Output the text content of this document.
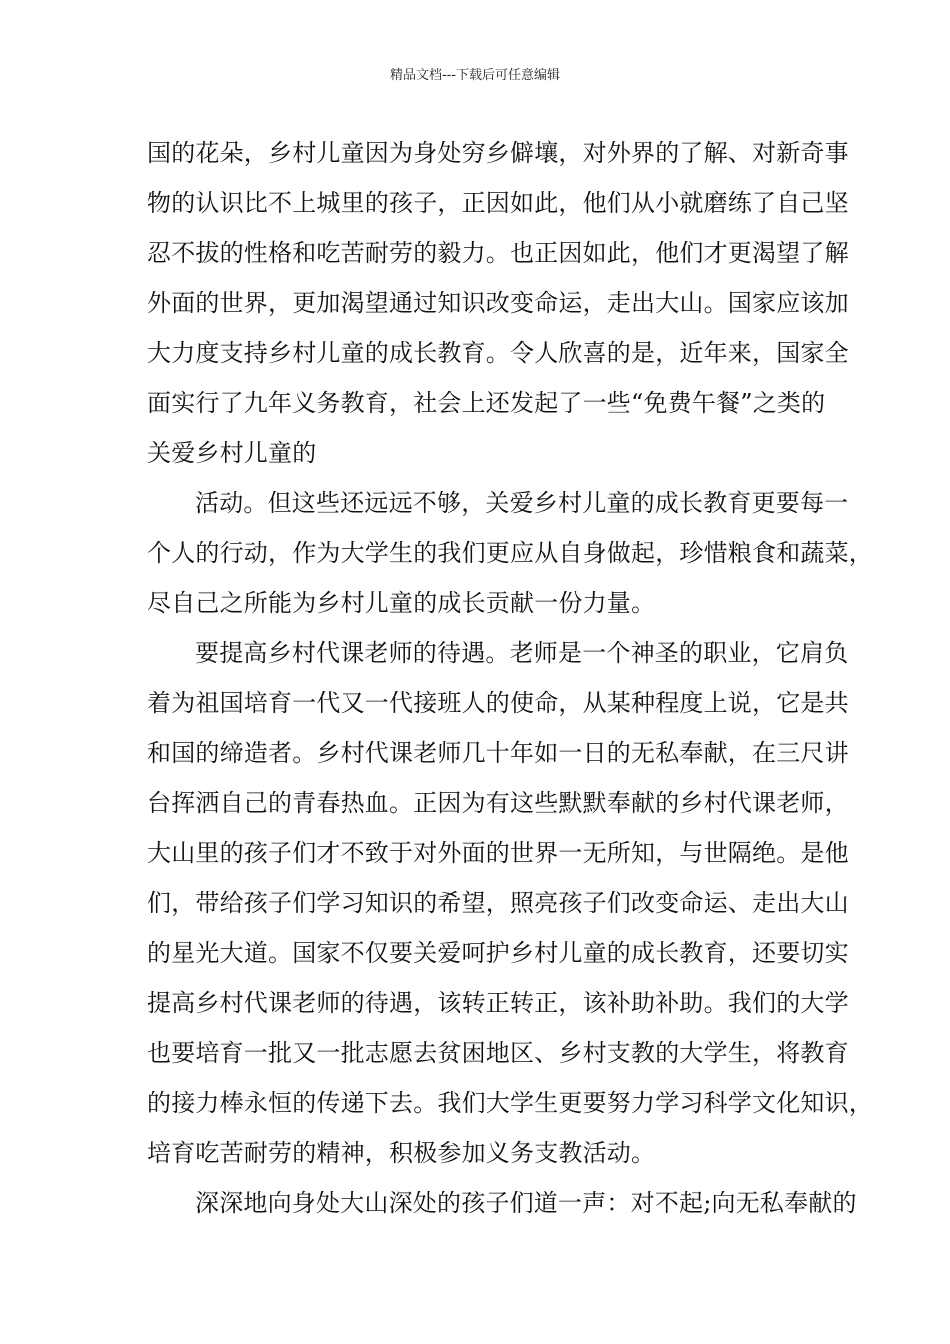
精品文档---下载后可任意编辑
国的花朵，乡村儿童因为身处穷乡僻壤，对外界的了解、对新奇事
物的认识比不上城里的孩子，正因如此，他们从小就磨练了自己坚
忍不拔的性格和吃苦耐劳的毅力。也正因如此，他们才更渴望了解
外面的世界，更加渴望通过知识改变命运，走出大山。国家应该加
大力度支持乡村儿童的成长教育。令人欣喜的是，近年来，国家全
面实行了九年义务教育，社会上还发起了一些“免费午餐”之类的
关爱乡村儿童的
活动。但这些还远远不够，关爱乡村儿童的成长教育更要每一
个人的行动，作为大学生的我们更应从自身做起，珍惜粮食和蔬菜，
尽自己之所能为乡村儿童的成长贡献一份力量。
要提高乡村代课老师的待遇。老师是一个神圣的职业，它肩负
着为祖国培育一代又一代接班人的使命，从某种程度上说，它是共
和国的缔造者。乡村代课老师几十年如一日的无私奉献，在三尺讲
台挥洒自己的青春热血。正因为有这些默默奉献的乡村代课老师，
大山里的孩子们才不致于对外面的世界一无所知，与世隔绝。是他
们，带给孩子们学习知识的希望，照亮孩子们改变命运、走出大山
的星光大道。国家不仅要关爱呵护乡村儿童的成长教育，还要切实
提高乡村代课老师的待遇，该转正转正，该补助补助。我们的大学
也要培育一批又一批志愿去贫困地区、乡村支教的大学生，将教育
的接力棒永恒的传递下去。我们大学生更要努力学习科学文化知识，
培育吃苦耐劳的精神，积极参加义务支教活动。
深深地向身处大山深处的孩子们道一声：对不起;向无私奉献的
